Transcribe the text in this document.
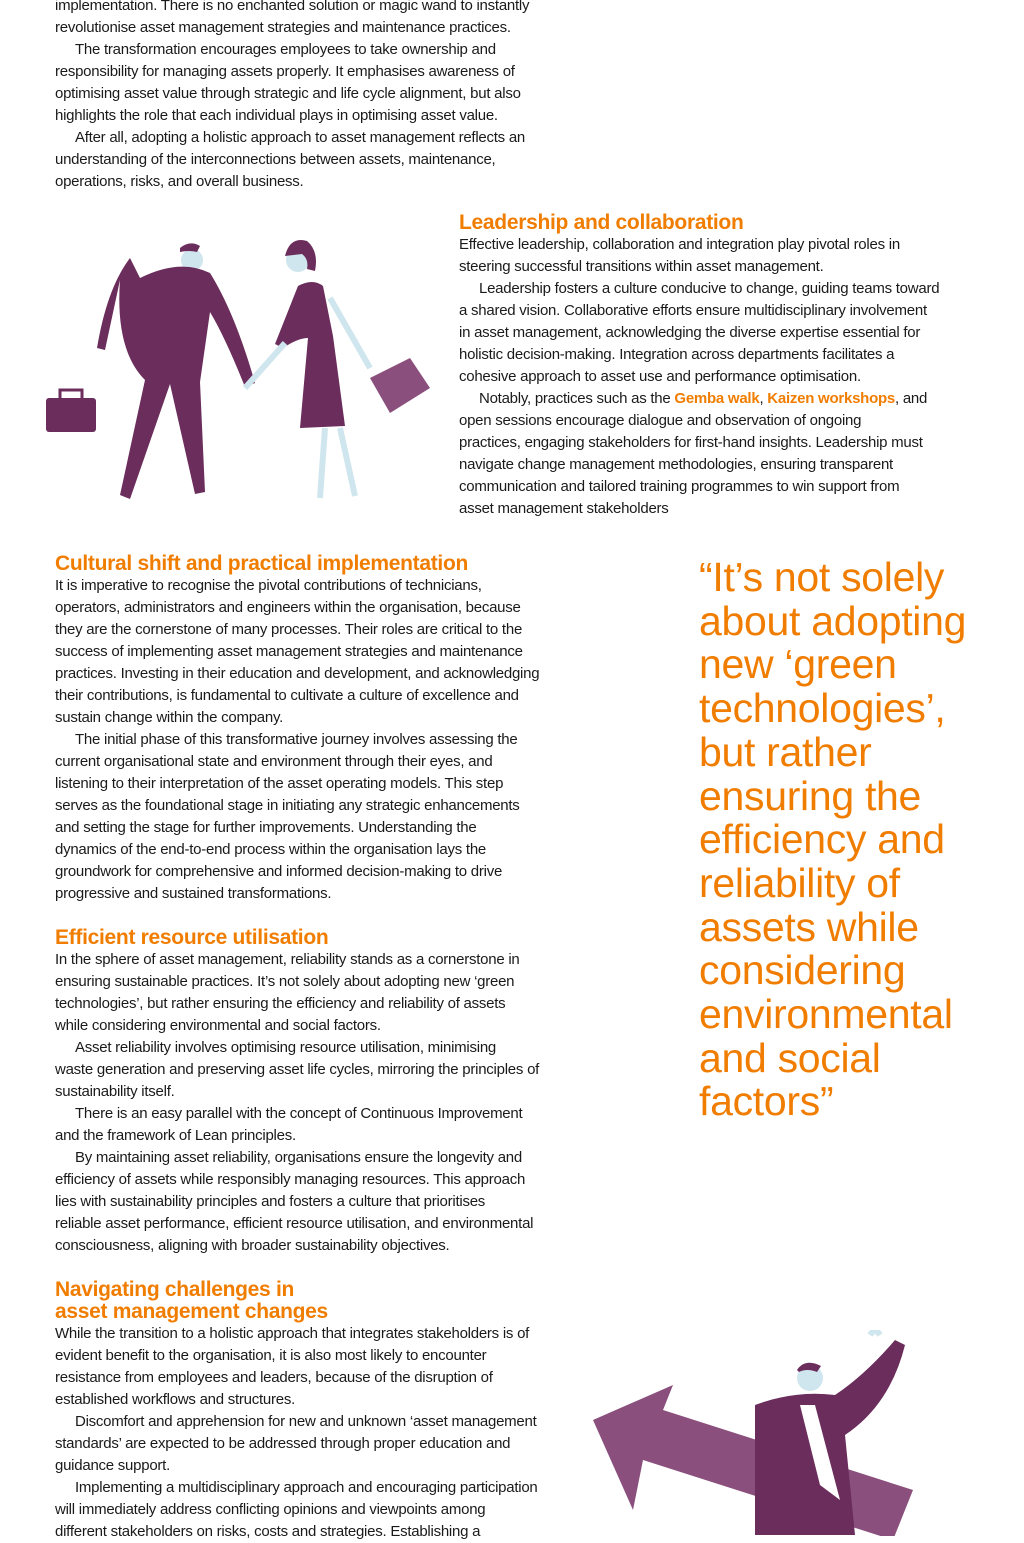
implementation. There is no enchanted solution or magic wand to instantly
revolutionise asset management strategies and maintenance practices.
The transformation encourages employees to take ownership and
responsibility for managing assets properly. It emphasises awareness of
optimising asset value through strategic and life cycle alignment, but also
highlights the role that each individual plays in optimising asset value.
After all, adopting a holistic approach to asset management reflects an
understanding of the interconnections between assets, maintenance,
operations, risks, and overall business.
Leadership and collaboration
Effective leadership, collaboration and integration play pivotal roles in
steering successful transitions within asset management.
Leadership fosters a culture conducive to change, guiding teams toward
a shared vision. Collaborative efforts ensure multidisciplinary involvement
in asset management, acknowledging the diverse expertise essential for
holistic decision-making. Integration across departments facilitates a
cohesive approach to asset use and performance optimisation.
Notably, practices such as the Gemba walk, Kaizen workshops, and
open sessions encourage dialogue and observation of ongoing
practices, engaging stakeholders for first-hand insights. Leadership must
navigate change management methodologies, ensuring transparent
communication and tailored training programmes to win support from
asset management stakeholders
Cultural shift and practical implementation
It is imperative to recognise the pivotal contributions of technicians,
operators, administrators and engineers within the organisation, because
they are the cornerstone of many processes. Their roles are critical to the
success of implementing asset management strategies and maintenance
practices. Investing in their education and development, and acknowledging
their contributions, is fundamental to cultivate a culture of excellence and
sustain change within the company.
The initial phase of this transformative journey involves assessing the
current organisational state and environment through their eyes, and
listening to their interpretation of the asset operating models. This step
serves as the foundational stage in initiating any strategic enhancements
and setting the stage for further improvements. Understanding the
dynamics of the end-to-end process within the organisation lays the
groundwork for comprehensive and informed decision-making to drive
progressive and sustained transformations.
Efficient resource utilisation
In the sphere of asset management, reliability stands as a cornerstone in
ensuring sustainable practices. It’s not solely about adopting new ‘green
technologies’, but rather ensuring the efficiency and reliability of assets
while considering environmental and social factors.
Asset reliability involves optimising resource utilisation, minimising
waste generation and preserving asset life cycles, mirroring the principles of
sustainability itself.
There is an easy parallel with the concept of Continuous Improvement
and the framework of Lean principles.
By maintaining asset reliability, organisations ensure the longevity and
efficiency of assets while responsibly managing resources. This approach
lies with sustainability principles and fosters a culture that prioritises
reliable asset performance, efficient resource utilisation, and environmental
consciousness, aligning with broader sustainability objectives.
Navigating challenges in
asset management changes
While the transition to a holistic approach that integrates stakeholders is of
evident benefit to the organisation, it is also most likely to encounter
resistance from employees and leaders, because of the disruption of
established workflows and structures.
Discomfort and apprehension for new and unknown ‘asset management
standards’ are expected to be addressed through proper education and
guidance support.
Implementing a multidisciplinary approach and encouraging participation
will immediately address conflicting opinions and viewpoints among
different stakeholders on risks, costs and strategies. Establishing a
“It’s not solely
about adopting
new ‘green
technologies’,
but rather
ensuring the
efficiency and
reliability of
assets while
considering
environmental
and social
factors”
